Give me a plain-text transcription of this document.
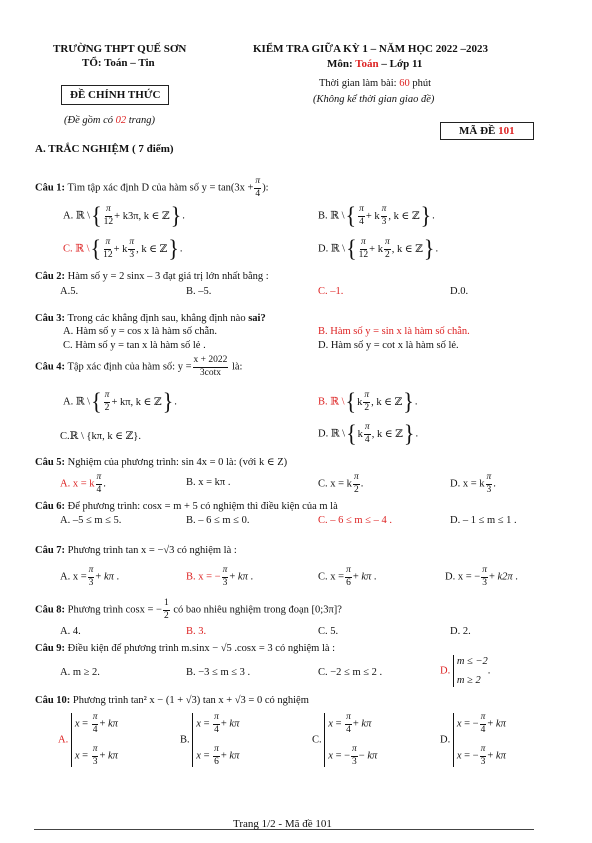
TRƯỜNG THPT QUẾ SƠN
TỔ: Toán – Tin
ĐỀ CHÍNH THỨC
(Đề gồm có 02 trang)
KIỂM TRA GIỮA KỲ 1 – NĂM HỌC 2022 –2023
Môn: Toán – Lớp 11
Thời gian làm bài: 60 phút
(Không kể thời gian giao đề)
MÃ ĐỀ 101
A. TRẮC NGHIỆM ( 7 điểm)
Câu 1: Tìm tập xác định D của hàm số $y = \tan(3x + \frac{\pi}{4}$ ):
A. ℝ \ { $\frac{\pi}{12} + k3\pi$, k ∈ ℤ } .	B. ℝ \ { $\frac{\pi}{4} + k \frac{\pi}{3}$ , k ∈ ℤ } .
C. ℝ \ { $\frac{\pi}{12} + k \frac{\pi}{3}$ , k ∈ ℤ } .	D. ℝ \ { $\frac{\pi}{12} + k \frac{\pi}{2}$ , k ∈ ℤ } .
Câu 2: Hàm số y = 2 sinx – 3 đạt giá trị lớn nhất bằng :
A.5.	B. –5.	C. –1.	D.0.
Câu 3: Trong các khẳng định sau, khẳng định nào sai?
A. Hàm số y = cos x là hàm số chẵn.	B. Hàm số y = sin x là hàm số chẵn.
C. Hàm số y = tan x là hàm số lẻ .	D. Hàm số y = cot x là hàm số lẻ.
Câu 4: Tập xác định của hàm số: $y = \frac{x + 2022}{3\cot x}$ là:
A. ℝ \ { $\frac{\pi}{2} + k\pi$, k ∈ ℤ } .	B. ℝ \ { k $\frac{\pi}{2}$ , k ∈ ℤ } .
C.ℝ \ {kπ, k ∈ ℤ}.	D. ℝ \ { k $\frac{\pi}{4}$ , k ∈ ℤ } .
Câu 5: Nghiệm của phương trình: sin 4x = 0 là: (với k ∈ Z)
A. x = k $\frac{\pi}{4}$ .	B. x = kπ .	C. x = k $\frac{\pi}{2}$ .	D. x = k $\frac{\pi}{3}$ .
Câu 6: Để phương trình: cosx = m + 5 có nghiệm thì điều kiện của m là
A. –5 ≤ m ≤ 5.	B. – 6 ≤ m ≤ 0.	C. – 6 ≤ m ≤ – 4 .	D. – 1 ≤ m ≤ 1 .
Câu 7: Phương trình tan x = −√3 có nghiệm là :
A. $x = \frac{\pi}{3} + k\pi$ .	B. x = − $\frac{\pi}{3} + k\pi$ .	C. $x = \frac{\pi}{6} + k\pi$ .	D. x = − $\frac{\pi}{3} + k2\pi$ .
Câu 8: Phương trình cosx = − $\frac{1}{2}$ có bao nhiêu nghiệm trong đoạn [0;3π]?
A. 4.	B. 3.	C. 5.	D. 2.
Câu 9: Điều kiện để phương trình m.sinx − √5 .cosx = 3 có nghiệm là :
A. m ≥ 2.	B. −3 ≤ m ≤ 3 .	C. −2 ≤ m ≤ 2 .	D.
m ≤ −2
m ≥ 2
.
Câu 10: Phương trình tan² x − (1 + √3) tan x + √3 = 0 có nghiệm
A.
$x = \frac{\pi}{4} + k\pi$
$x = \frac{\pi}{3} + k\pi$
B.
$x = \frac{\pi}{4} + k\pi$
$x = \frac{\pi}{6} + k\pi$
C.
$x = \frac{\pi}{4} + k\pi$
x = − $\frac{\pi}{3} - k\pi$
D.
x = − $\frac{\pi}{4} + k\pi$
x = − $\frac{\pi}{3} + k\pi$
Trang 1/2 - Mã đề 101
